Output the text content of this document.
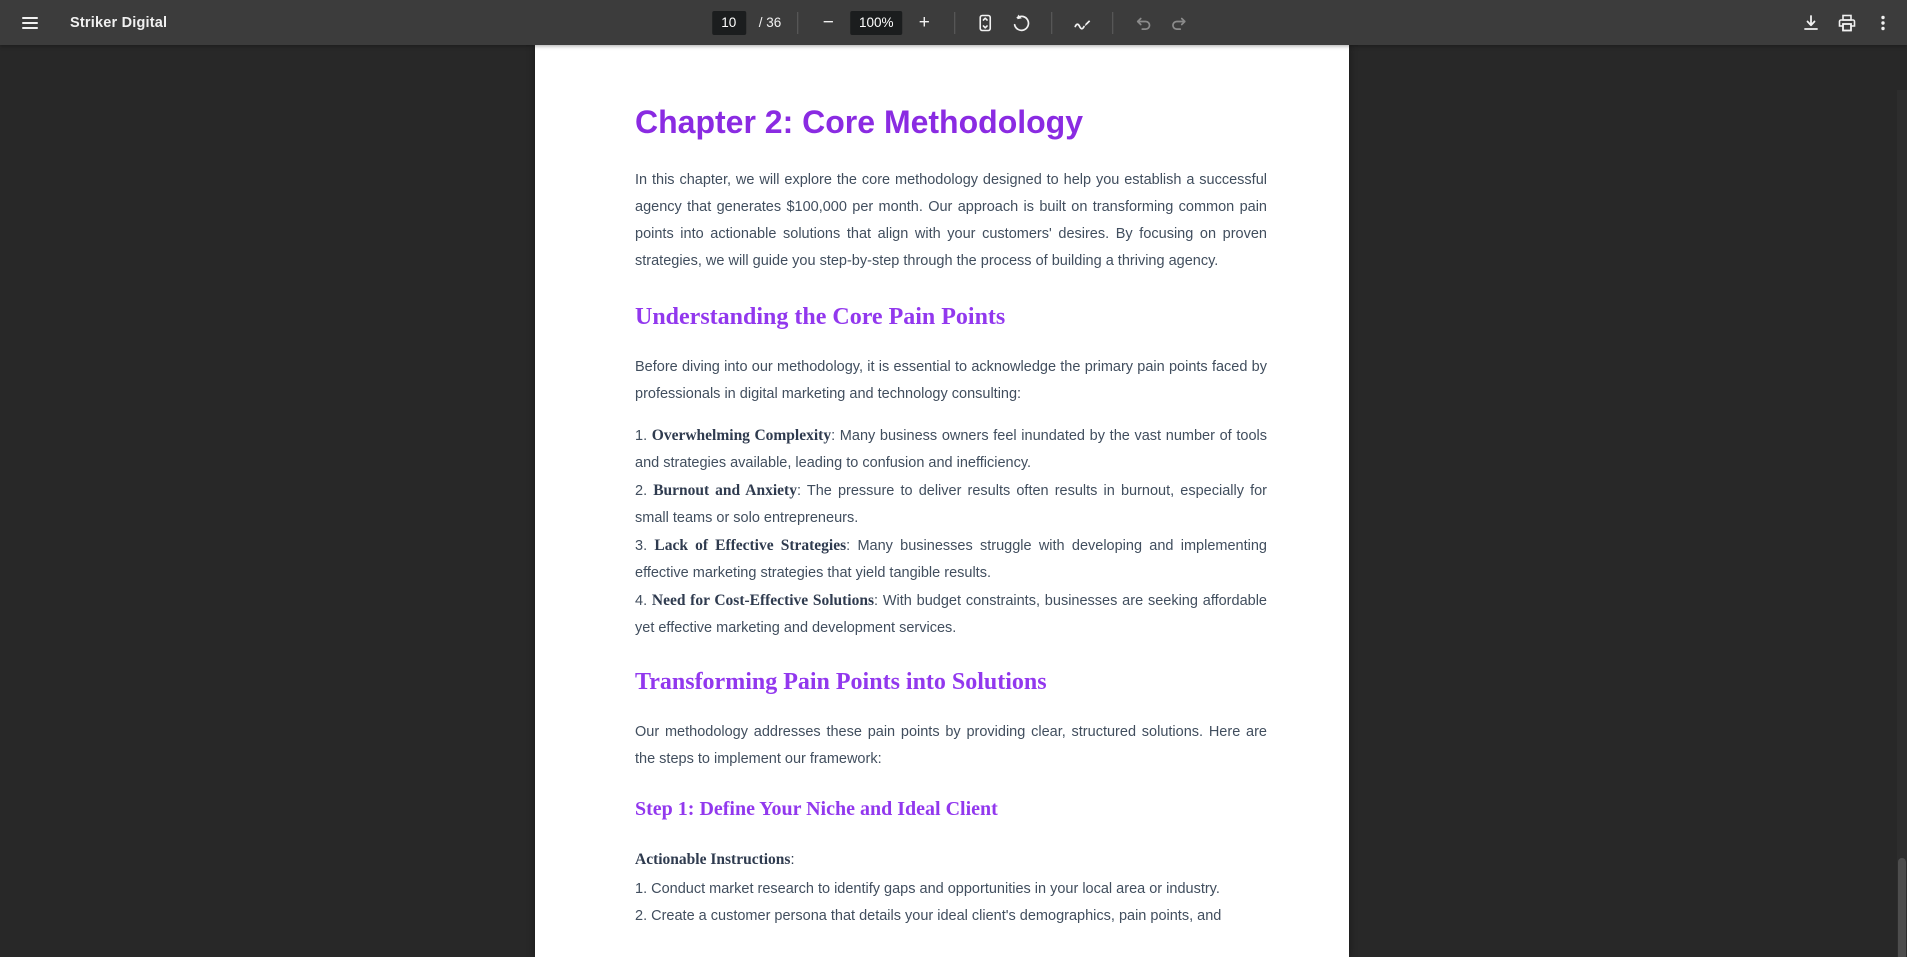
Striker Digital
10	/ 36	−	100%	+
Chapter 2: Core Methodology

In this chapter, we will explore the core methodology designed to help you establish a successful agency that generates $100,000 per month. Our approach is built on transforming common pain points into actionable solutions that align with your customers' desires. By focusing on proven strategies, we will guide you step-by-step through the process of building a thriving agency.

Understanding the Core Pain Points

Before diving into our methodology, it is essential to acknowledge the primary pain points faced by professionals in digital marketing and technology consulting:

1. Overwhelming Complexity: Many business owners feel inundated by the vast number of tools and strategies available, leading to confusion and inefficiency.
2. Burnout and Anxiety: The pressure to deliver results often results in burnout, especially for small teams or solo entrepreneurs.
3. Lack of Effective Strategies: Many businesses struggle with developing and implementing effective marketing strategies that yield tangible results.
4. Need for Cost-Effective Solutions: With budget constraints, businesses are seeking affordable yet effective marketing and development services.
Transforming Pain Points into Solutions

Our methodology addresses these pain points by providing clear, structured solutions. Here are the steps to implement our framework:

Step 1: Define Your Niche and Ideal Client

Actionable Instructions:

1. Conduct market research to identify gaps and opportunities in your local area or industry.
2. Create a customer persona that details your ideal client's demographics, pain points, and
